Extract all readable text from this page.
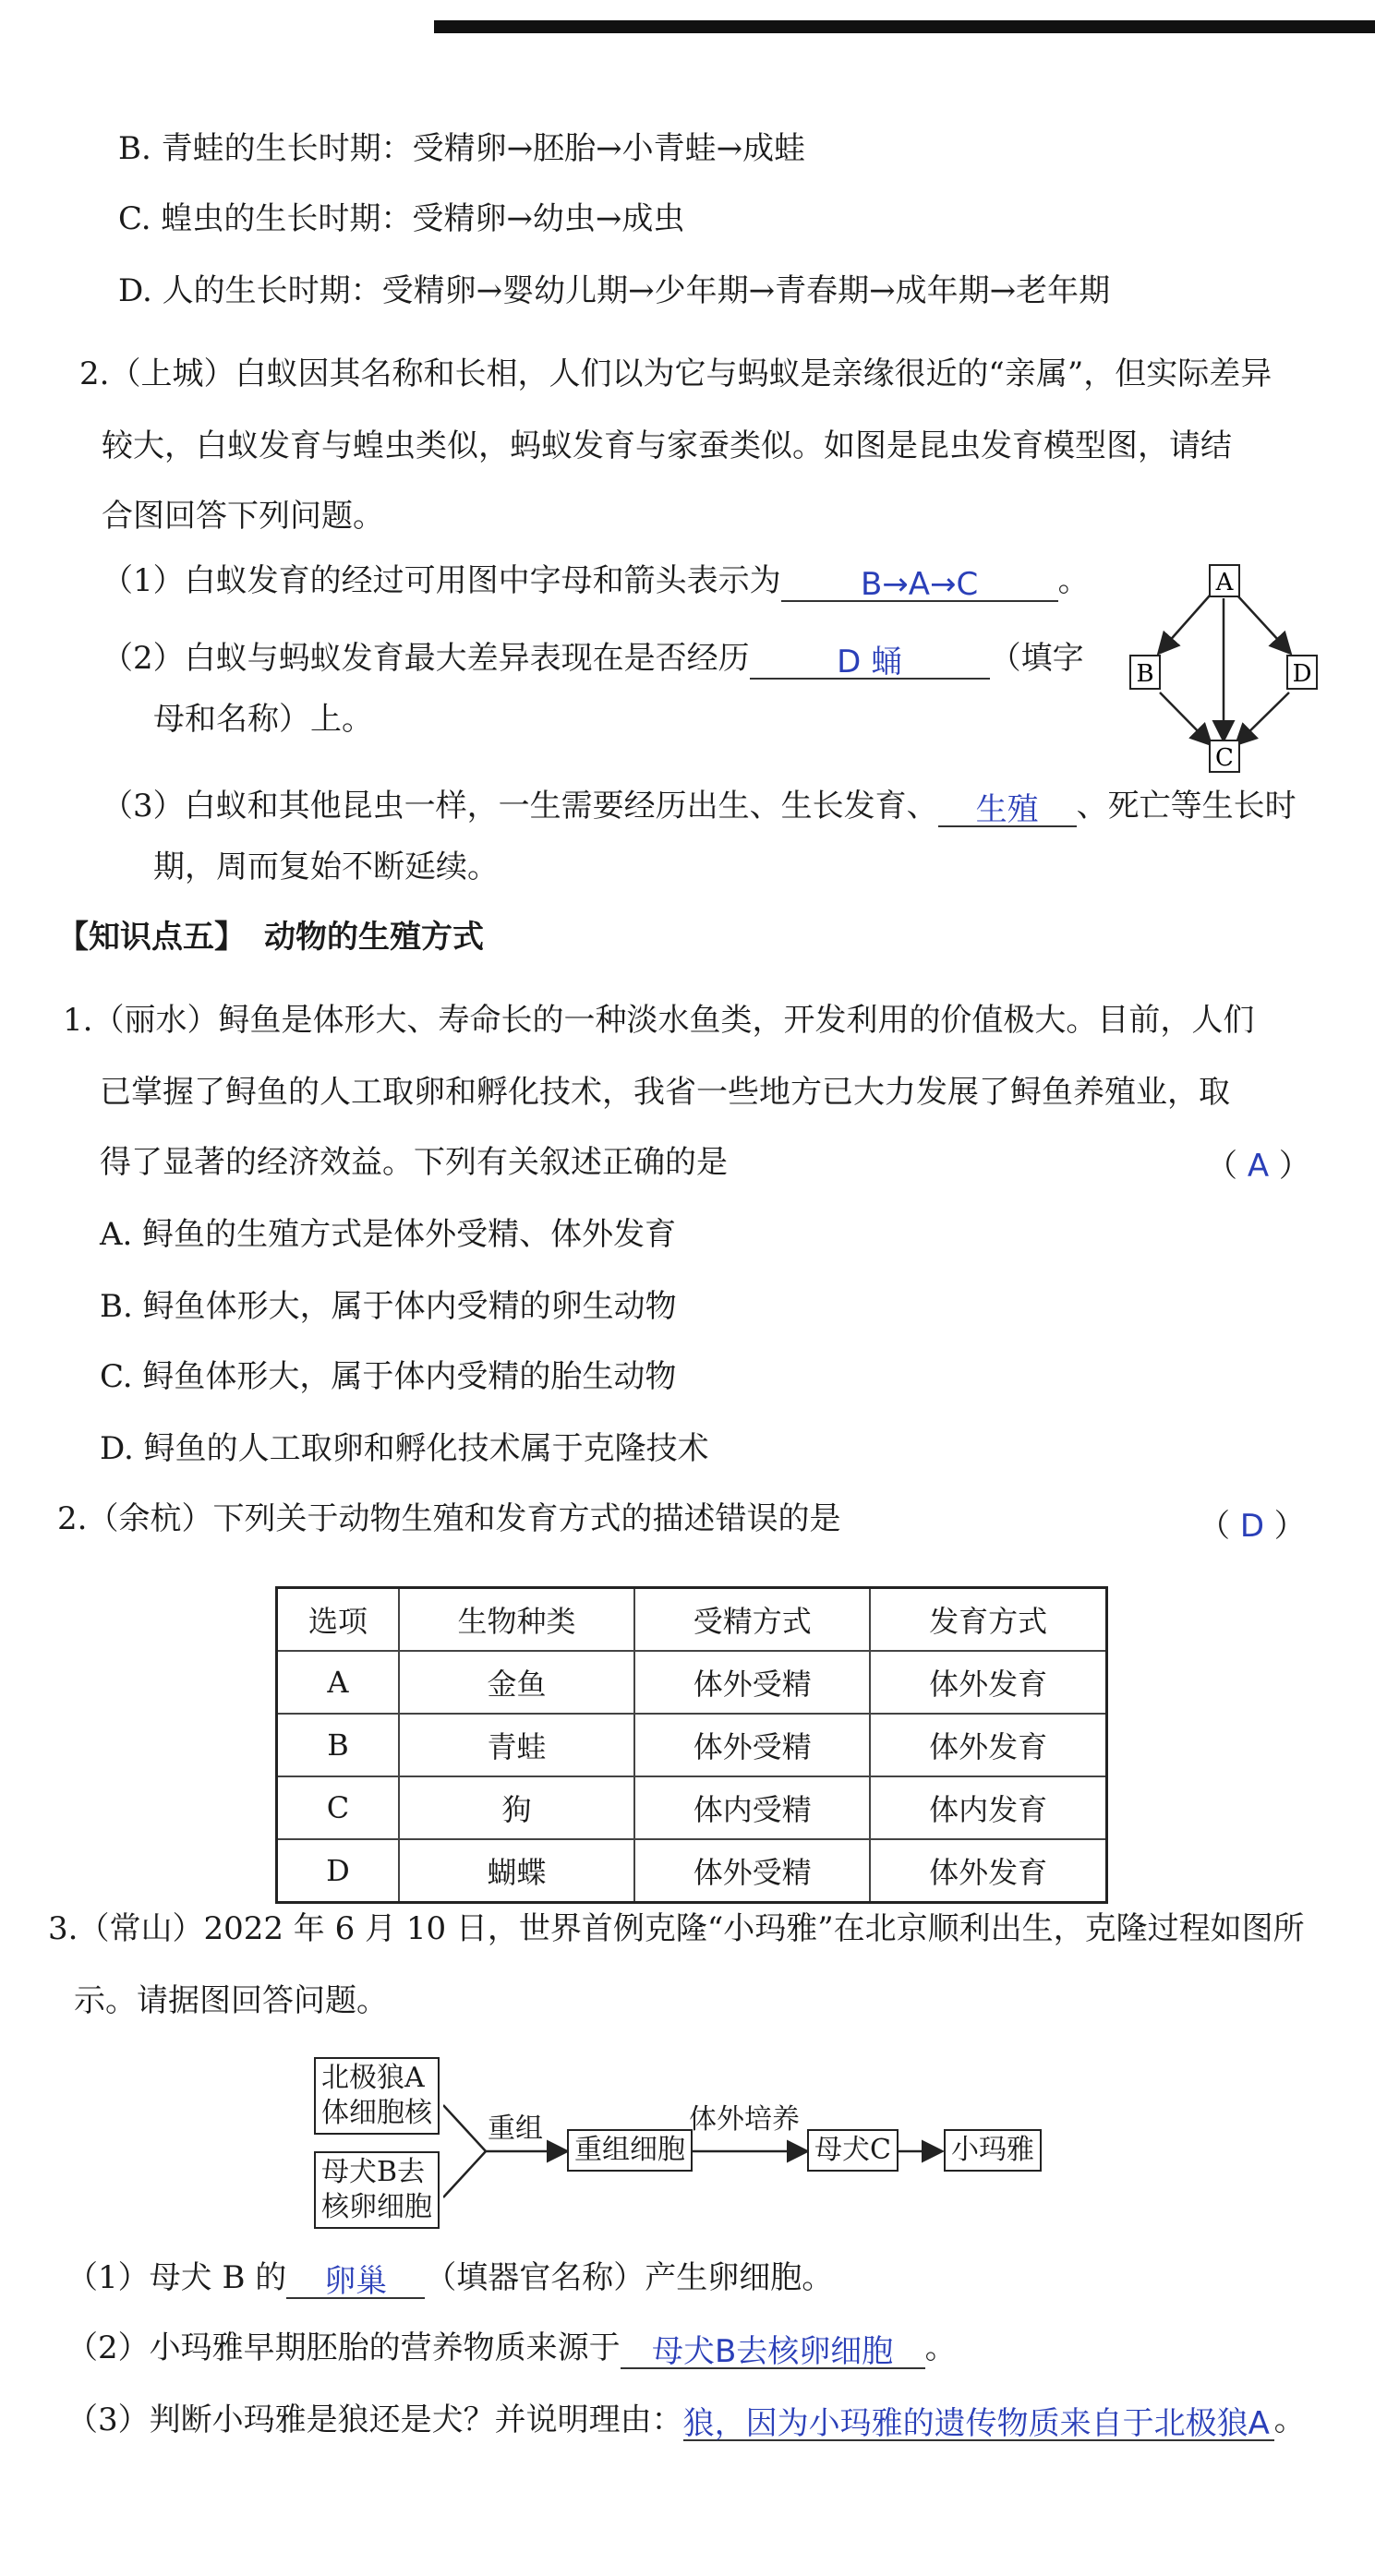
B. 青蛙的生长时期：受精卵→胚胎→小青蛙→成蛙
C. 蝗虫的生长时期：受精卵→幼虫→成虫
D. 人的生长时期：受精卵→婴幼儿期→少年期→青春期→成年期→老年期
2.（上城）白蚁因其名称和长相，人们以为它与蚂蚁是亲缘很近的“亲属”，但实际差异
较大，白蚁发育与蝗虫类似，蚂蚁发育与家蚕类似。如图是昆虫发育模型图，请结
合图回答下列问题。
（1）白蚁发育的经过可用图中字母和箭头表示为	B→A→C	。
（2）白蚁与蚂蚁发育最大差异表现在是否经历	D 蛹	（填字
母和名称）上。
（3）白蚁和其他昆虫一样，一生需要经历出生、生长发育、 生殖 、死亡等生长时
期，周而复始不断延续。
A
B	D
C
【知识点五】 动物的生殖方式
1.（丽水）鲟鱼是体形大、寿命长的一种淡水鱼类，开发利用的价值极大。目前，人们
已掌握了鲟鱼的人工取卵和孵化技术，我省一些地方已大力发展了鲟鱼养殖业，取
得了显著的经济效益。下列有关叙述正确的是	（ A ）
A. 鲟鱼的生殖方式是体外受精、体外发育
B. 鲟鱼体形大，属于体内受精的卵生动物
C. 鲟鱼体形大，属于体内受精的胎生动物
D. 鲟鱼的人工取卵和孵化技术属于克隆技术
2.（余杭）下列关于动物生殖和发育方式的描述错误的是	（ D ）
选项	生物种类	受精方式	发育方式
A	金鱼	体外受精	体外发育
B	青蛙	体外受精	体外发育
C	狗	体内受精	体内发育
D	蝴蝶	体外受精	体外发育
3.（常山）2022 年 6 月 10 日，世界首例克隆“小玛雅”在北京顺利出生，克隆过程如图所
示。请据图回答问题。
北极狼A
体细胞核
母犬B去
核卵细胞
重组
重组细胞
体外培养
母犬C 小玛雅
（1）母犬 B 的 卵巢 （填器官名称）产生卵细胞。
（2）小玛雅早期胚胎的营养物质来源于 母犬B去核卵细胞 。
（3）判断小玛雅是狼还是犬？并说明理由：狼，因为小玛雅的遗传物质来自于北极狼A 。
